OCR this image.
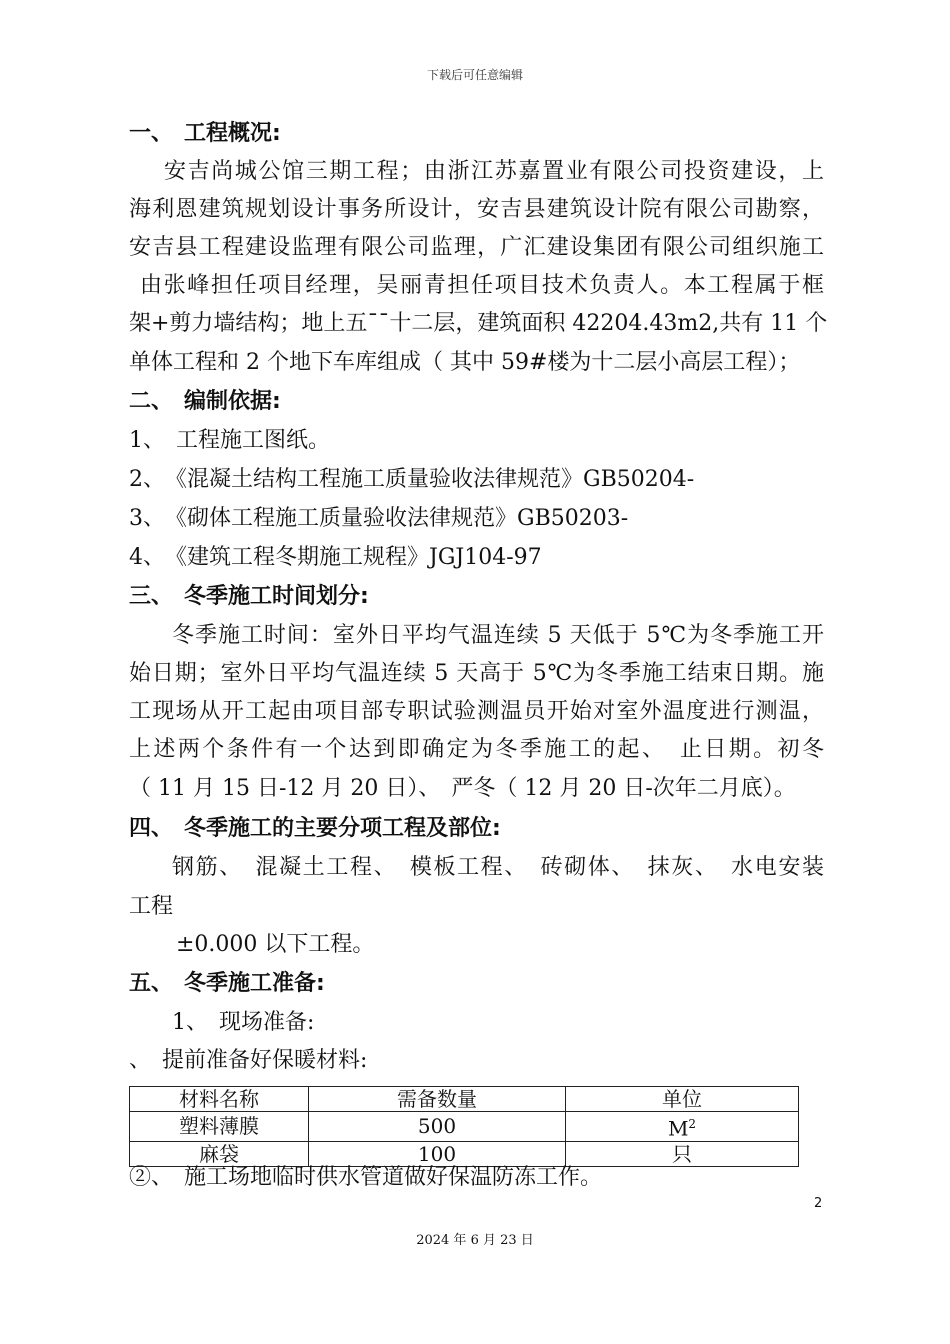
下载后可任意编辑
一、　工程概况:
安吉尚城公馆三期工程；由浙江苏嘉置业有限公司投资建设，上
海利恩建筑规划设计事务所设计，安吉县建筑设计院有限公司勘察，
安吉县工程建设监理有限公司监理，广汇建设集团有限公司组织施工
由张峰担任项目经理，吴丽青担任项目技术负责人。本工程属于框
架+剪力墙结构；地上五¯¯十二层，建筑面积 42204.43m2,共有 11 个
单体工程和 2 个地下车库组成（ 其中 59#楼为十二层小高层工程）；
二、　编制依据:
1、　工程施工图纸。
2、　《混凝土结构工程施工质量验收法律规范》GB50204-
3、　《砌体工程施工质量验收法律规范》GB50203-
4、　《建筑工程冬期施工规程》JGJ104-97
三、　冬季施工时间划分:
冬季施工时间：室外日平均气温连续 5 天低于 5℃为冬季施工开
始日期；室外日平均气温连续 5 天高于 5℃为冬季施工结束日期。施
工现场从开工起由项目部专职试验测温员开始对室外温度进行测温，
上述两个条件有一个达到即确定为冬季施工的起、　止日期。初冬
（ 11 月 15 日-12 月 20 日）、　严冬（ 12 月 20 日-次年二月底）。
四、　冬季施工的主要分项工程及部位:
钢筋、　混凝土工程、　模板工程、　砖砌体、　抹灰、　水电安装
工程
±0.000 以下工程。
五、　冬季施工准备:
1、　现场准备:
、　提前准备好保暖材料:
材料名称	需备数量	单位
塑料薄膜	500	$M^2$
麻袋	100	只
②、　施工场地临时供水管道做好保温防冻工作。
2
2024 年 6 月 23 日
